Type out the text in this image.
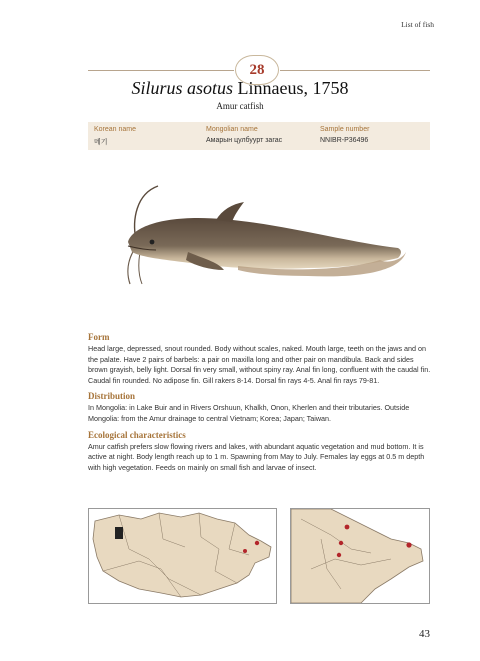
List of fish
28
Silurus asotus Linnaeus, 1758
Amur catfish
Korean name
메기
Mongolian name
Амарын цулбуурт загас
Sample number
NNIBR-P36496
Form
Head large, depressed, snout rounded. Body without scales, naked. Mouth large, teeth on the jaws and on the palate. Have 2 pairs of barbels: a pair on maxilla long and other pair on mandibula. Back and sides brown grayish, belly light. Dorsal fin very small, without spiny ray. Anal fin long, confluent with the caudal fin. Caudal fin rounded. No adipose fin. Gill rakers 8-14. Dorsal fin rays 4-5. Anal fin rays 79-81.
Distribution
In Mongolia: in Lake Buir and in Rivers Orshuun, Khalkh, Onon, Kherlen and their tributaries. Outside Mongolia: from the Amur drainage to central Vietnam; Korea; Japan; Taiwan.
Ecological characteristics
Amur catfish prefers slow flowing rivers and lakes, with abundant aquatic vegetation and mud bottom. It is active at night. Body length reach up to 1 m. Spawning from May to July. Females lay eggs at 0.5 m depth with high vegetation. Feeds on mainly on small fish and larvae of insect.
43
